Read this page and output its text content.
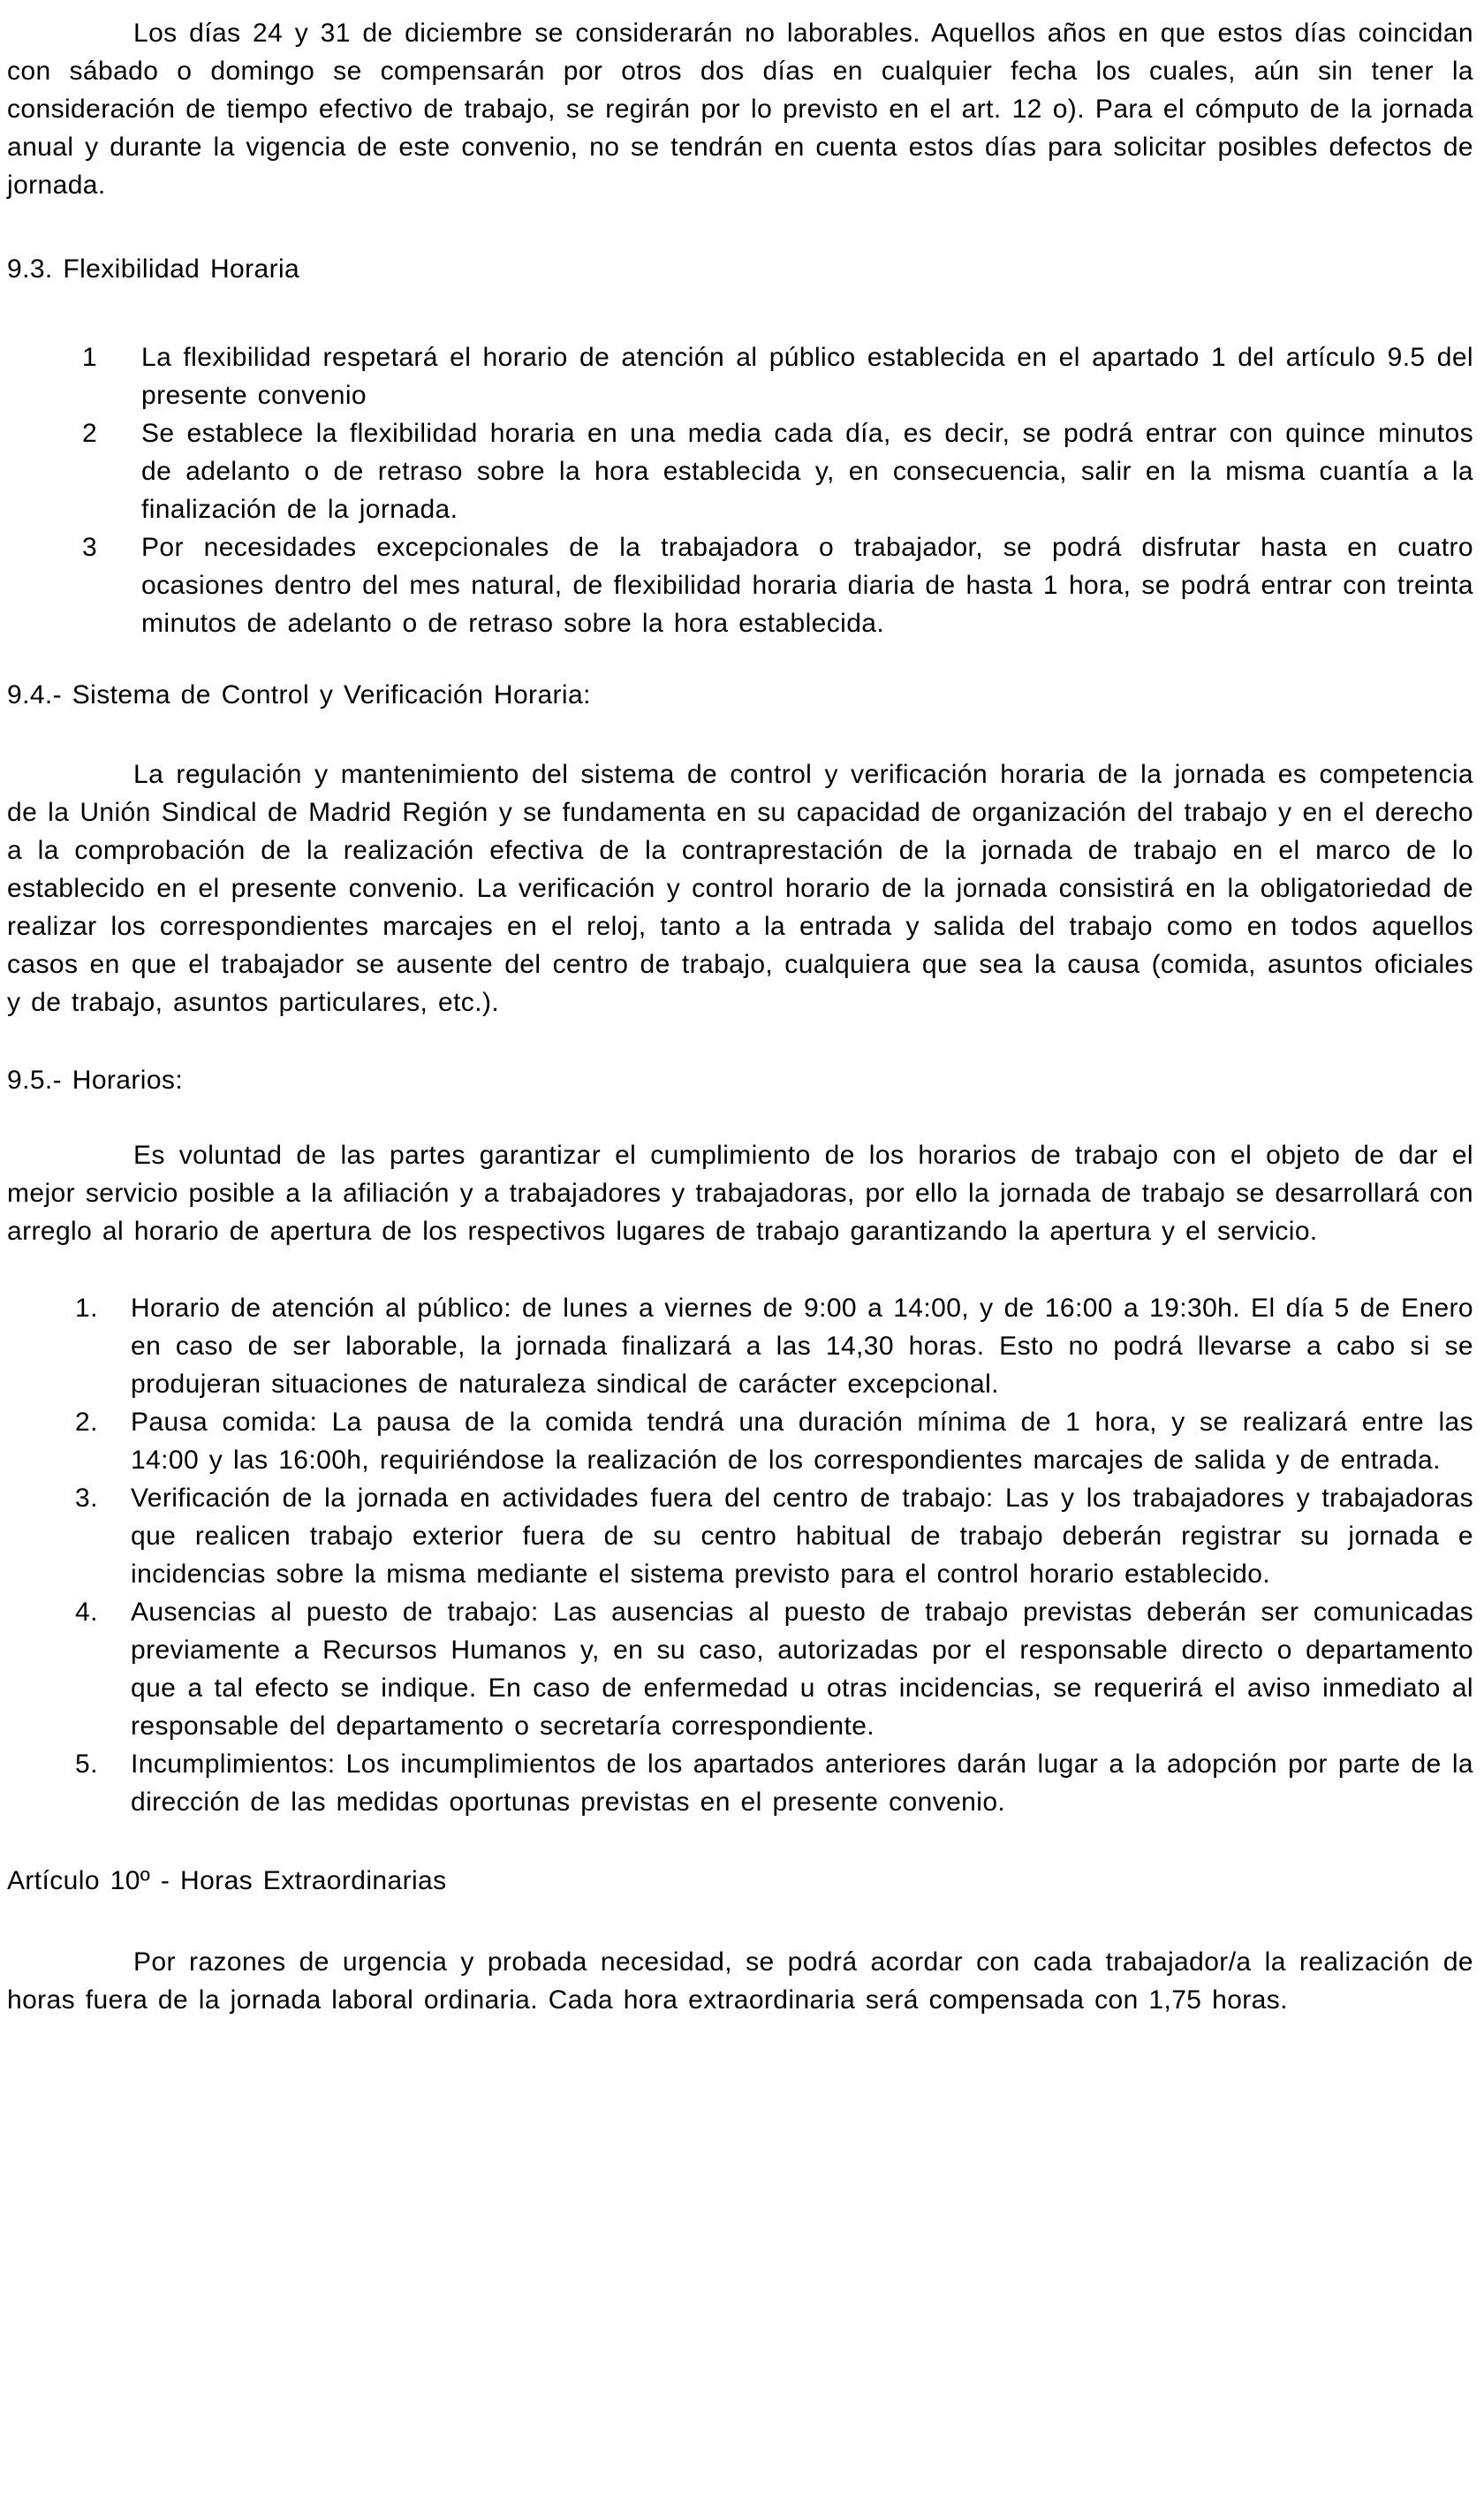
Los días 24 y 31 de diciembre se considerarán no laborables. Aquellos años en que estos días coincidan con sábado o domingo se compensarán por otros dos días en cualquier fecha los cuales, aún sin tener la consideración de tiempo efectivo de trabajo, se regirán por lo previsto en el art. 12 o). Para el cómputo de la jornada anual y durante la vigencia de este convenio, no se tendrán en cuenta estos días para solicitar posibles defectos de jornada.

9.3. Flexibilidad Horaria

1	La flexibilidad respetará el horario de atención al público establecida en el apartado 1 del artículo 9.5 del presente convenio
2	Se establece la flexibilidad horaria en una media cada día, es decir, se podrá entrar con quince minutos de adelanto o de retraso sobre la hora establecida y, en consecuencia, salir en la misma cuantía a la finalización de la jornada.
3	Por necesidades excepcionales de la trabajadora o trabajador, se podrá disfrutar hasta en cuatro ocasiones dentro del mes natural, de flexibilidad horaria diaria de hasta 1 hora, se podrá entrar con treinta minutos de adelanto o de retraso sobre la hora establecida.

9.4.- Sistema de Control y Verificación Horaria:

La regulación y mantenimiento del sistema de control y verificación horaria de la jornada es competencia de la Unión Sindical de Madrid Región y se fundamenta en su capacidad de organización del trabajo y en el derecho a la comprobación de la realización efectiva de la contraprestación de la jornada de trabajo en el marco de lo establecido en el presente convenio. La verificación y control horario de la jornada consistirá en la obligatoriedad de realizar los correspondientes marcajes en el reloj, tanto a la entrada y salida del trabajo como en todos aquellos casos en que el trabajador se ausente del centro de trabajo, cualquiera que sea la causa (comida, asuntos oficiales y de trabajo, asuntos particulares, etc.).

9.5.- Horarios:

Es voluntad de las partes garantizar el cumplimiento de los horarios de trabajo con el objeto de dar el mejor servicio posible a la afiliación y a trabajadores y trabajadoras, por ello la jornada de trabajo se desarrollará con arreglo al horario de apertura de los respectivos lugares de trabajo garantizando la apertura y el servicio.

1.	Horario de atención al público: de lunes a viernes de 9:00 a 14:00, y de 16:00 a 19:30h. El día 5 de Enero en caso de ser laborable, la jornada finalizará a las 14,30 horas. Esto no podrá llevarse a cabo si se produjeran situaciones de naturaleza sindical de carácter excepcional.
2.	Pausa comida: La pausa de la comida tendrá una duración mínima de 1 hora, y se realizará entre las 14:00 y las 16:00h, requiriéndose la realización de los correspondientes marcajes de salida y de entrada.
3.	Verificación de la jornada en actividades fuera del centro de trabajo: Las y los trabajadores y trabajadoras que realicen trabajo exterior fuera de su centro habitual de trabajo deberán registrar su jornada e incidencias sobre la misma mediante el sistema previsto para el control horario establecido.
4.	Ausencias al puesto de trabajo: Las ausencias al puesto de trabajo previstas deberán ser comunicadas previamente a Recursos Humanos y, en su caso, autorizadas por el responsable directo o departamento que a tal efecto se indique. En caso de enfermedad u otras incidencias, se requerirá el aviso inmediato al responsable del departamento o secretaría correspondiente.
5.	Incumplimientos: Los incumplimientos de los apartados anteriores darán lugar a la adopción por parte de la dirección de las medidas oportunas previstas en el presente convenio.

Artículo 10º - Horas Extraordinarias

Por razones de urgencia y probada necesidad, se podrá acordar con cada trabajador/a la realización de horas fuera de la jornada laboral ordinaria. Cada hora extraordinaria será compensada con 1,75 horas.
